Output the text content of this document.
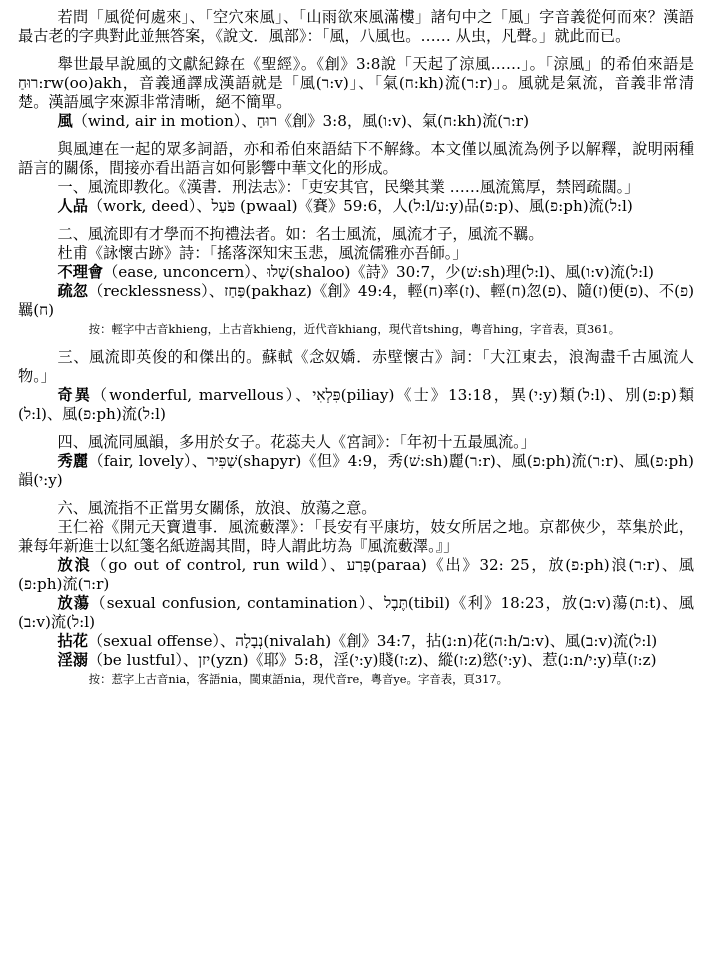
若問「風從何處來」、「空穴來風」、「山雨欲來風滿樓」諸句中之「風」字音義從何而來？漢語最古老的字典對此並無答案，《說文．風部》：「風，八風也。…… 从虫，凡聲。」就此而已。

舉世最早說風的文獻紀錄在《聖經》。《創》3:8說「天起了涼風……」。「涼風」的希伯來語是רוּחַ:rw(oo)akh，音義通譯成漢語就是「風(ר:v)」、「氣(ח:kh)流(ר:r)」。風就是氣流，音義非常清楚。漢語風字來源非常清晰，絕不簡單。

風（wind, air in motion）、רוּחַ《創》3:8，風(ו:v)、氣(ח:kh)流(ר:r)

與風連在一起的眾多詞語，亦和希伯來語結下不解緣。本文僅以風流為例予以解釋，說明兩種語言的關係，間接亦看出語言如何影響中華文化的形成。

一、風流即教化。《漢書．刑法志》：「吏安其官，民樂其業 ……風流篤厚，禁罔疏闊。」

人品（work, deed）、פֹּעַל (pwaal)《賽》59:6，人(ל:l/ע:y)品(פ:p)、風(פ:ph)流(ל:l)

二、風流即有才學而不拘禮法者。如：名士風流，風流才子，風流不羈。

杜甫《詠懷古跡》詩：「搖落深知宋玉悲，風流儒雅亦吾師。」

不理會（ease, unconcern）、שָׁלוּ(shaloo)《詩》30:7，少(שׁ:sh)理(ל:l)、風(ו:v)流(ל:l)

疏忽（recklessness）、פַּחַז(pakhaz)《創》49:4，輕(ח)率(ז)、輕(ח)忽(פ)、隨(ז)便(פ)、不(פ)羈(ח)

按：輕字中古音khieng，上古音khieng，近代音khiang，現代音tshing，粵音hing，字音表，頁361。

三、風流即英俊的和傑出的。蘇軾《念奴嬌．赤壁懷古》詞：「大江東去，浪淘盡千古風流人物。」

奇異（wonderful, marvellous）、פִּלְאִי(piliay)《士》13:18，異(י:y)類(ל:l)、別(פ:p)類(ל:l)、風(פ:ph)流(ל:l)

四、風流同風韻，多用於女子。花蕊夫人《宮詞》：「年初十五最風流。」

秀麗（fair, lovely）、שַׁפִּיר(shapyr)《但》4:9，秀(שׁ:sh)麗(ר:r)、風(פ:ph)流(ר:r)、風(פ:ph)韻(י:y)

六、風流指不正當男女關係，放浪、放蕩之意。

王仁裕《開元天寶遺事．風流藪澤》：「長安有平康坊，妓女所居之地。京都俠少，萃集於此，兼每年新進士以紅箋名紙遊謁其間，時人謂此坊為『風流藪澤。』」

放浪（go out of control, run wild）、פָּרַע(paraa)《出》32: 25，放(פ:ph)浪(ר:r)、風(פ:ph)流(ר:r)

放蕩（sexual confusion, contamination）、תֶּבֶל(tibil)《利》18:23，放(ב:v)蕩(ת:t)、風(ב:v)流(ל:l)

拈花（sexual offense）、נְבָלָה(nivalah)《創》34:7，拈(נ:n)花(ה:h/ב:v)、風(ב:v)流(ל:l)

淫溺（be lustful）、יזן(yzn)《耶》5:8，淫(י:y)賤(ז:z)、縱(ז:z)慾(י:y)、惹(נ:n/י:y)草(ז:z)

按：惹字上古音nia，客語nia，閩東語nia，現代音re，粵音ye。字音表，頁317。
